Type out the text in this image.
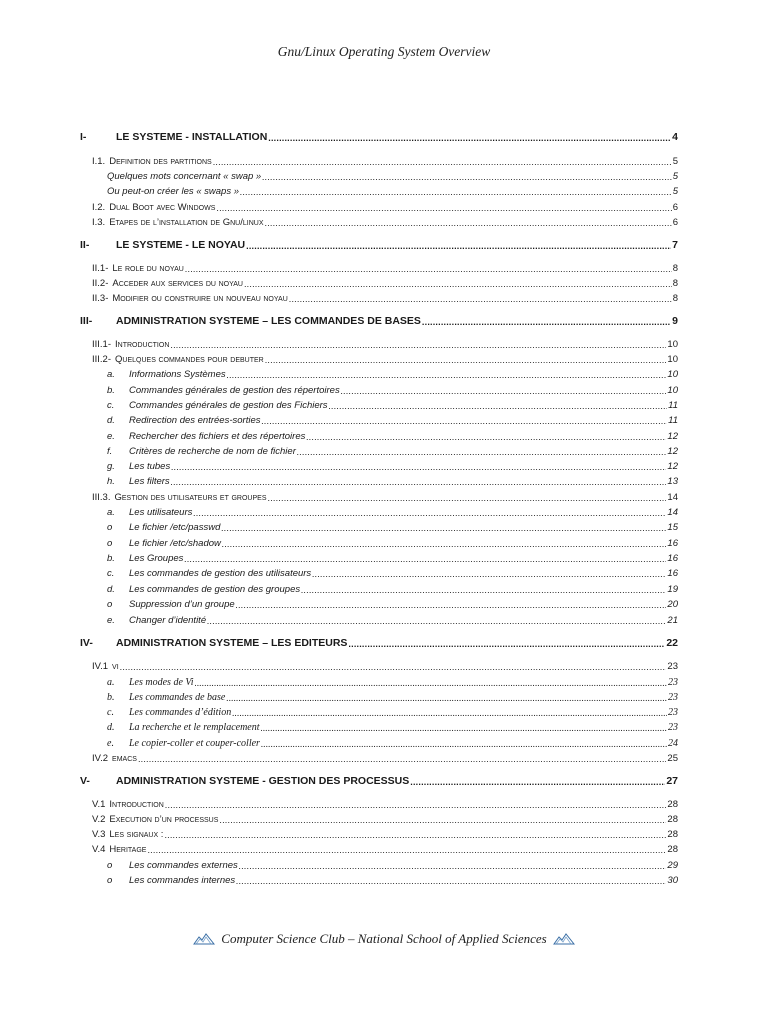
Gnu/Linux Operating System Overview
I-	LE SYSTEME - INSTALLATION .....	4
I.1. Definition des partitions .....	5
Quelques mots concernant « swap » .....	5
Ou peut-on créer les « swaps » .....	5
I.2. Dual Boot avec Windows .....	6
I.3. Etapes de l’installation de Gnu/linux .....	6
II-	LE SYSTEME - LE NOYAU .....	7
II.1- Le role du noyau .....	8
II.2- Acceder aux services du noyau .....	8
II.3- Modifier ou construire un nouveau noyau .....	8
III-	ADMINISTRATION SYSTEME – LES COMMANDES DE BASES .....	9
III.1- Introduction .....	10
III.2- Quelques commandes pour debuter .....	10
a.	Informations Systèmes .....	10
b.	Commandes générales de gestion des répertoires .....	10
c.	Commandes générales de gestion des Fichiers .....	11
d.	Redirection des entrées-sorties .....	11
e.	Rechercher des fichiers et des répertoires .....	12
f.	Critères de recherche de nom de fichier .....	12
g.	Les tubes .....	12
h.	Les filters .....	13
III.3. Gestion des utilisateurs et groupes .....	14
a.	Les utilisateurs .....	14
o	Le fichier /etc/passwd .....	15
o	Le fichier /etc/shadow .....	16
b.	Les Groupes .....	16
c.	Les commandes de gestion des utilisateurs .....	16
d.	Les commandes de gestion des groupes .....	19
o	Suppression d’un groupe .....	20
e.	Changer d’identité .....	21
IV-	ADMINISTRATION SYSTEME – LES EDITEURS .....	22
IV.1 vi .....	23
a.	Les modes de Vi .....	23
b.	Les commandes de base .....	23
c.	Les commandes d’édition .....	23
d.	La recherche et le remplacement .....	23
e.	Le copier-coller et couper-coller .....	24
IV.2 emacs .....	25
V-	ADMINISTRATION SYSTEME - GESTION DES PROCESSUS .....	27
V.1 Introduction .....	28
V.2 Execution d’un processus .....	28
V.3 Les signaux : .....	28
V.4 Heritage .....	28
o	Les commandes externes .....	29
o	Les commandes internes .....	30
Computer Science Club – National School of Applied Sciences
